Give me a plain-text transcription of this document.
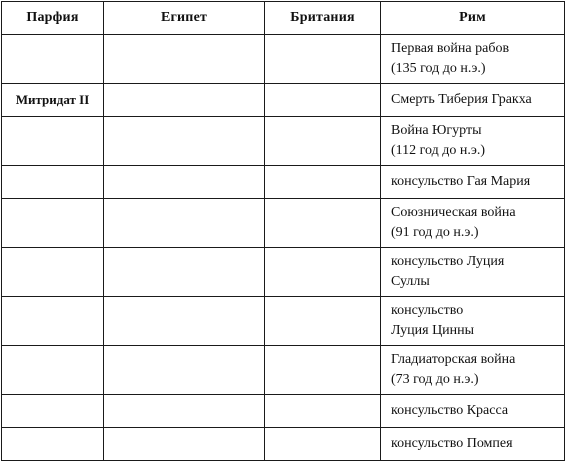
Парфия	Египет	Британия	Рим
			Первая война рабов
(135 год до н.э.)
Митридат II			Смерть Тиберия Гракха
			Война Югурты
(112 год до н.э.)
			консульство Гая Мария
			Союзническая война
(91 год до н.э.)
			консульство Луция
Суллы
			консульство
Луция Цинны
			Гладиаторская война
(73 год до н.э.)
			консульство Красса
			консульство Помпея
